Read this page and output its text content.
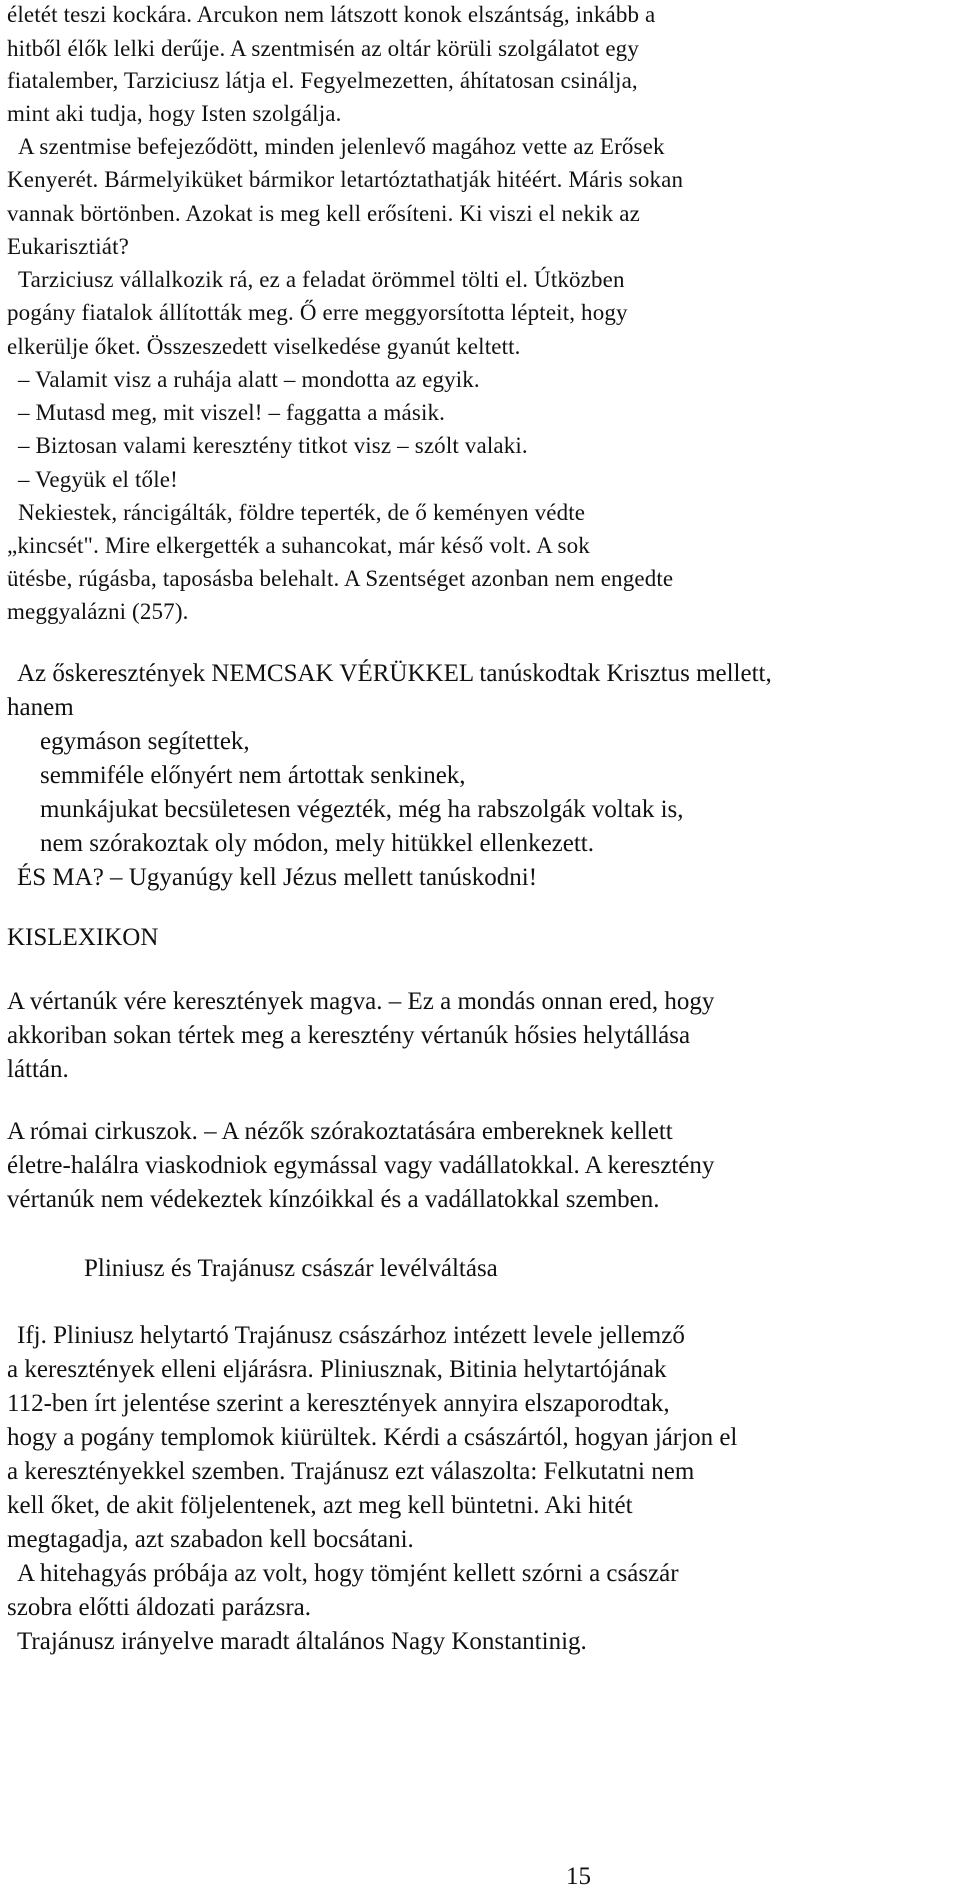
életét teszi kockára. Arcukon nem látszott konok elszántság, inkább a

hitből élők lelki derűje. A szentmisén az oltár körüli szolgálatot egy

fiatalember, Tarziciusz látja el. Fegyelmezetten, áhítatosan csinálja,

mint aki tudja, hogy Isten szolgálja.

A szentmise befejeződött, minden jelenlevő magához vette az Erősek

Kenyerét. Bármelyiküket bármikor letartóztathatják hitéért. Máris sokan

vannak börtönben. Azokat is meg kell erősíteni. Ki viszi el nekik az

Eukarisztiát?

Tarziciusz vállalkozik rá, ez a feladat örömmel tölti el. Útközben

pogány fiatalok állították meg. Ő erre meggyorsította lépteit, hogy

elkerülje őket. Összeszedett viselkedése gyanút keltett.

– Valamit visz a ruhája alatt – mondotta az egyik.

– Mutasd meg, mit viszel! – faggatta a másik.

– Biztosan valami keresztény titkot visz – szólt valaki.

– Vegyük el tőle!

Nekiestek, ráncigálták, földre teperték, de ő keményen védte

„kincsét". Mire elkergették a suhancokat, már késő volt. A sok

ütésbe, rúgásba, taposásba belehalt. A Szentséget azonban nem engedte

meggyalázni (257).

Az őskeresztények NEMCSAK VÉRÜKKEL tanúskodtak Krisztus mellett,

hanem

egymáson segítettek,

semmiféle előnyért nem ártottak senkinek,

munkájukat becsületesen végezték, még ha rabszolgák voltak is,

nem szórakoztak oly módon, mely hitükkel ellenkezett.

ÉS MA? – Ugyanúgy kell Jézus mellett tanúskodni!

KISLEXIKON

A vértanúk vére keresztények magva. – Ez a mondás onnan ered, hogy

akkoriban sokan tértek meg a keresztény vértanúk hősies helytállása

láttán.

A római cirkuszok. – A nézők szórakoztatására embereknek kellett

életre-halálra viaskodniok egymással vagy vadállatokkal. A keresztény

vértanúk nem védekeztek kínzóikkal és a vadállatokkal szemben.

Pliniusz és Trajánusz császár levélváltása

Ifj. Pliniusz helytartó Trajánusz császárhoz intézett levele jellemző

a keresztények elleni eljárásra. Pliniusznak, Bitinia helytartójának

112-ben írt jelentése szerint a keresztények annyira elszaporodtak,

hogy a pogány templomok kiürültek. Kérdi a császártól, hogyan járjon el

a keresztényekkel szemben. Trajánusz ezt válaszolta: Felkutatni nem

kell őket, de akit följelentenek, azt meg kell büntetni. Aki hitét

megtagadja, azt szabadon kell bocsátani.

A hitehagyás próbája az volt, hogy tömjént kellett szórni a császár

szobra előtti áldozati parázsra.

Trajánusz irányelve maradt általános Nagy Konstantinig.

15
